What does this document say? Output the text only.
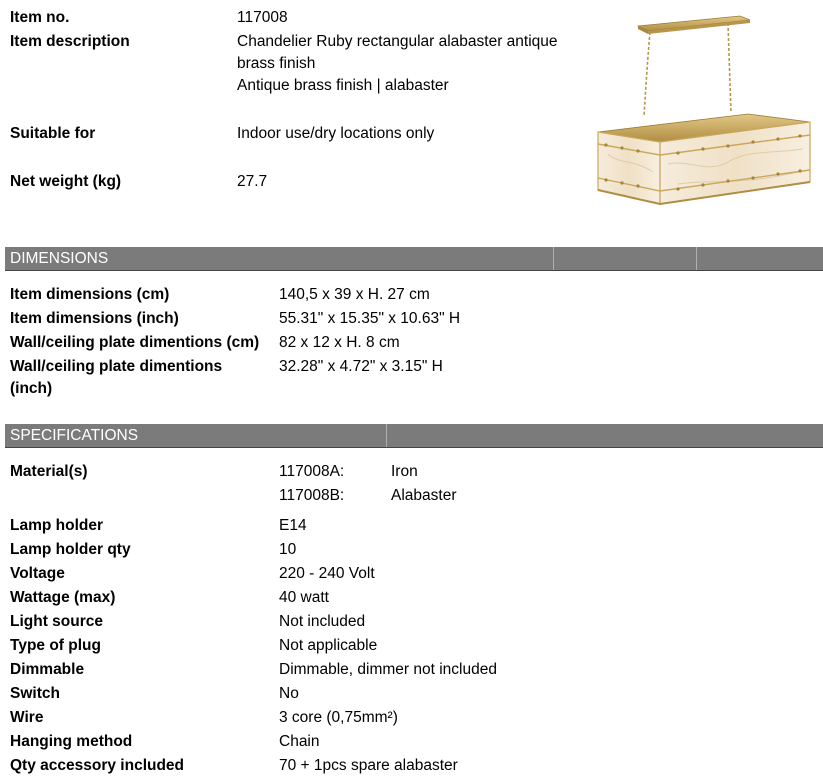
Item no.	117008
Item description	Chandelier Ruby rectangular alabaster antique
brass finish
Antique brass finish | alabaster
Suitable for	Indoor use/dry locations only
Net weight (kg)	27.7
DIMENSIONS
Item dimensions (cm)	140,5 x 39 x H. 27 cm
Item dimensions (inch)	55.31" x 15.35" x 10.63" H
Wall/ceiling plate dimentions (cm) 82 x 12 x H. 8 cm
Wall/ceiling plate dimentions
(inch)
32.28" x 4.72" x 3.15" H
SPECIFICATIONS
Material(s)	117008A:	Iron
117008B:	Alabaster
Lamp holder	E14
Lamp holder qty	10
Voltage	220 - 240 Volt
Wattage (max)	40 watt
Light source	Not included
Type of plug	Not applicable
Dimmable	Dimmable, dimmer not included
Switch	No
Wire	3 core (0,75mm²)
Hanging method	Chain
Qty accessory included	70 + 1pcs spare alabaster
